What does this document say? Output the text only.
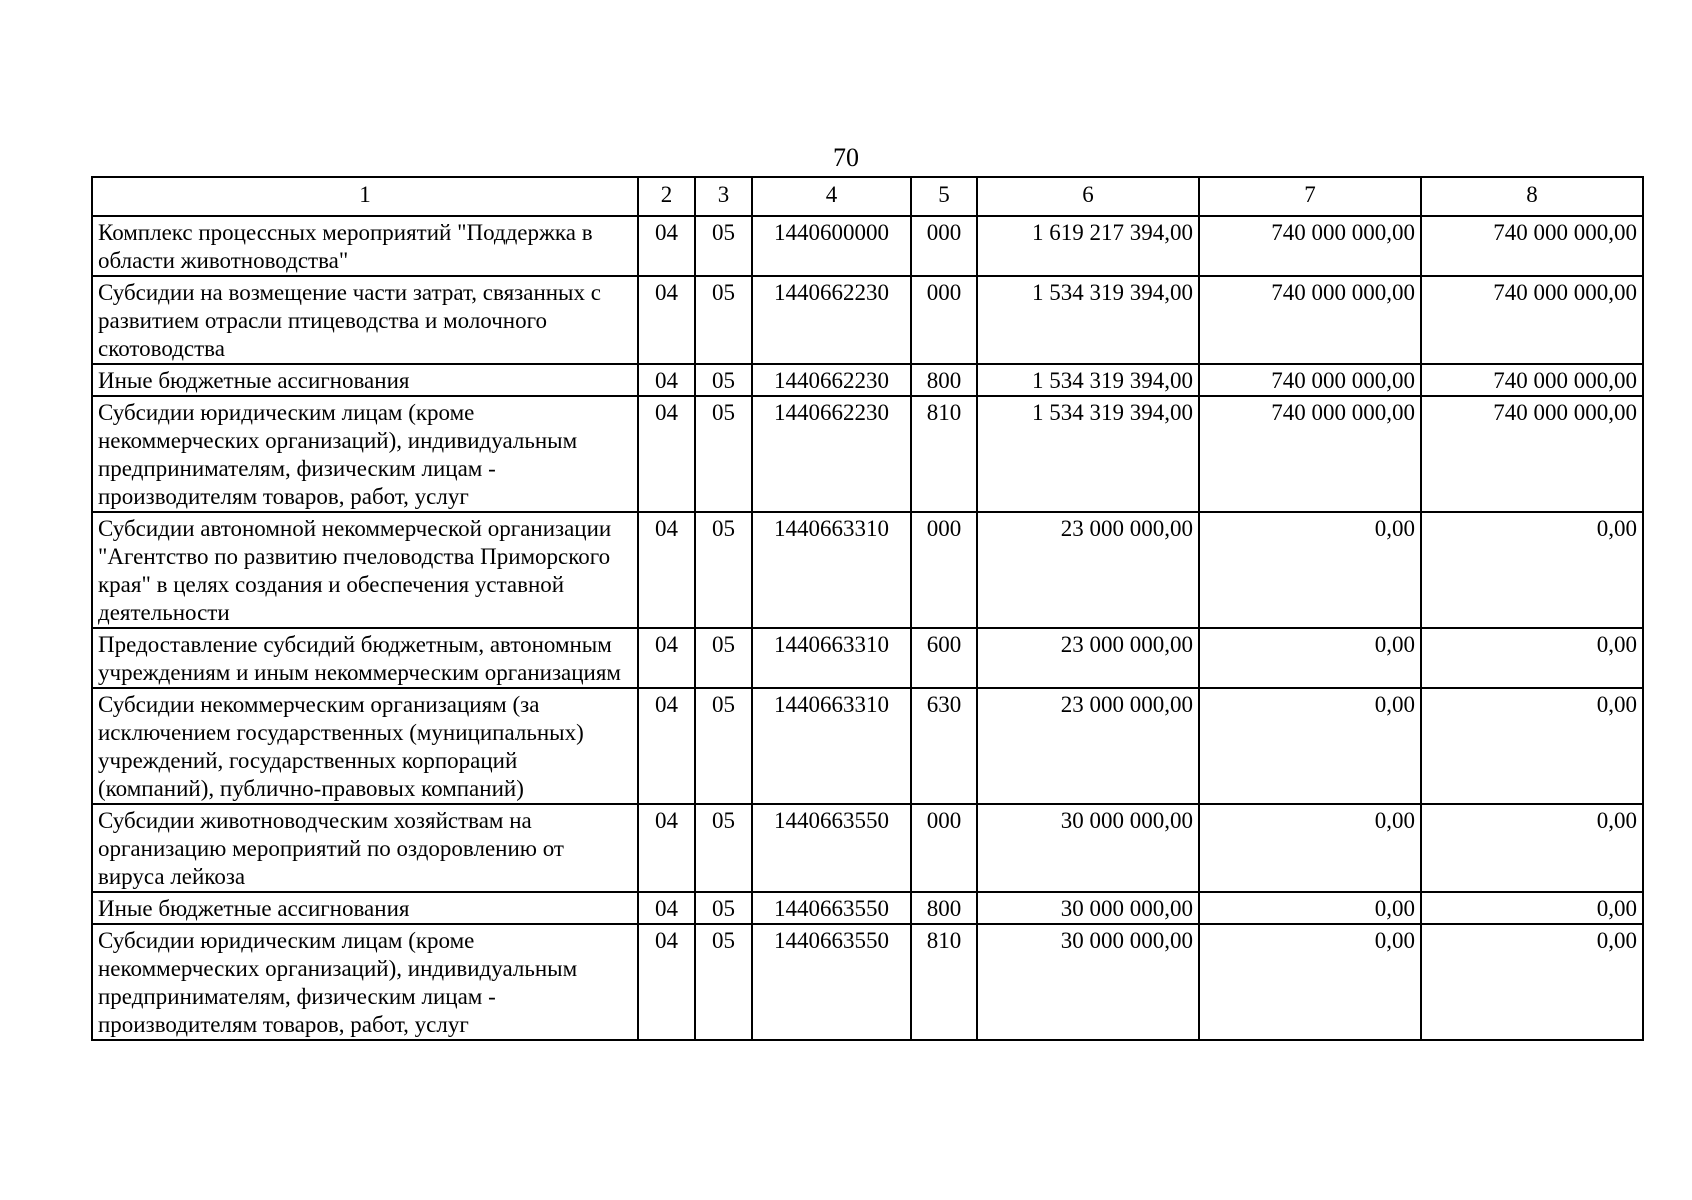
70
1	2	3	4	5	6	7	8
Комплекс процессных мероприятий "Поддержка в области животноводства"	04	05	1440600000	000	1 619 217 394,00	740 000 000,00	740 000 000,00
Субсидии на возмещение части затрат, связанных с развитием отрасли птицеводства и молочного скотоводства	04	05	1440662230	000	1 534 319 394,00	740 000 000,00	740 000 000,00
Иные бюджетные ассигнования	04	05	1440662230	800	1 534 319 394,00	740 000 000,00	740 000 000,00
Субсидии юридическим лицам (кроме некоммерческих организаций), индивидуальным предпринимателям, физическим лицам - производителям товаров, работ, услуг	04	05	1440662230	810	1 534 319 394,00	740 000 000,00	740 000 000,00
Субсидии автономной некоммерческой организации "Агентство по развитию пчеловодства Приморского края" в целях создания и обеспечения уставной деятельности	04	05	1440663310	000	23 000 000,00	0,00	0,00
Предоставление субсидий бюджетным, автономным учреждениям и иным некоммерческим организациям	04	05	1440663310	600	23 000 000,00	0,00	0,00
Субсидии некоммерческим организациям (за исключением государственных (муниципальных) учреждений, государственных корпораций (компаний), публично-правовых компаний)	04	05	1440663310	630	23 000 000,00	0,00	0,00
Субсидии животноводческим хозяйствам на организацию мероприятий по оздоровлению от вируса лейкоза	04	05	1440663550	000	30 000 000,00	0,00	0,00
Иные бюджетные ассигнования	04	05	1440663550	800	30 000 000,00	0,00	0,00
Субсидии юридическим лицам (кроме некоммерческих организаций), индивидуальным предпринимателям, физическим лицам - производителям товаров, работ, услуг	04	05	1440663550	810	30 000 000,00	0,00	0,00
